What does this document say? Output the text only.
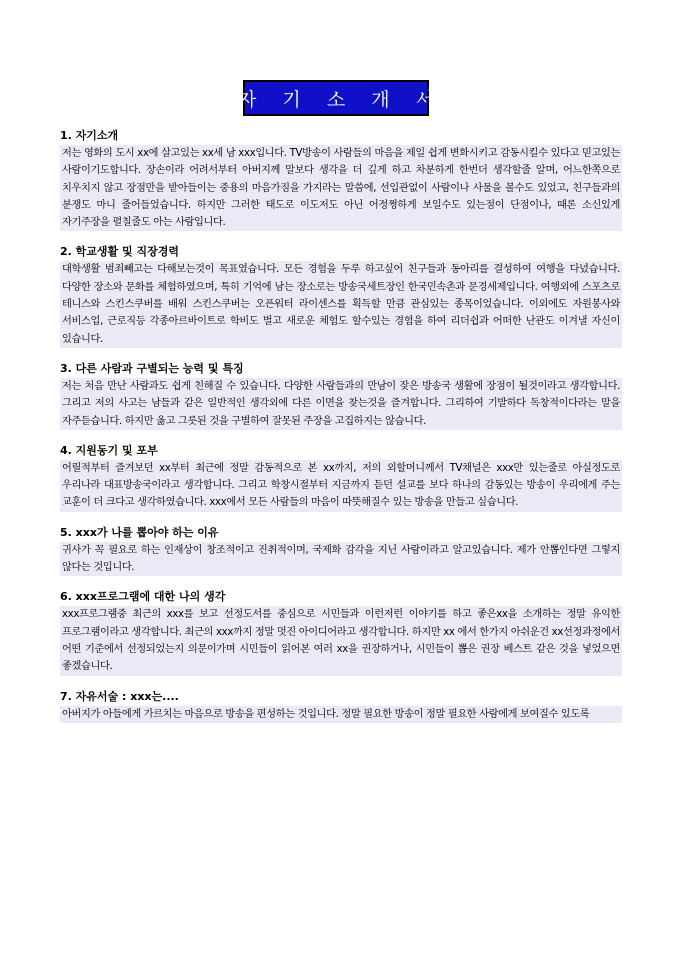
자 기 소 개 서
1. 자기소개

저는 영화의 도시 xx에 살고있는 xx세 남 xxx입니다. TV방송이 사람들의 마음을 제일 쉽게 변화시키고 감동시킬수 있다고 믿고있는 사람이기도합니다. 장손이라 어려서부터 아버지께 말보다 생각을 더 깊게 하고 차분하게 한번더 생각할줄 알며, 어느한쪽으로 치우치지 않고 장점만을 받아들이는 중용의 마음가짐을 가지라는 말씀에, 선입관없이 사람이나 사물을 볼수도 있었고, 친구들과의 분쟁도 마니 줄어들었습니다. 하지만 그러한 태도로 이도저도 아닌 어정쩡하게 보일수도 있는점이 단점이나, 때론 소신있게 자기주장을 펼칠줄도 아는 사람입니다.

2. 학교생활 및 직장경력

대학생활 범죄빼고는 다해보는것이 목표였습니다. 모든 경험을 두루 하고싶어 친구들과 동아리를 결성하여 여행을 다녔습니다. 다양한 장소와 문화를 체험하였으며, 특히 기억에 남는 장소로는 방송국세트장인 한국민속촌과 문경세제입니다. 여행외에 스포츠로 테니스와 스킨스쿠버를 배워 스킨스쿠버는 오픈워터 라이센스를 획득할 만큼 관심있는 종목이었습니다. 이외에도 자원봉사와 서비스업, 근로직등 각종아르바이트로 학비도 벌고 새로운 체험도 할수있는 경험을 하여 리더쉽과 어떠한 난관도 이겨낼 자신이 있습니다.

3. 다른 사람과 구별되는 능력 및 특징

저는 처음 만난 사람과도 쉽게 친해질 수 있습니다. 다양한 사람들과의 만남이 잦은 방송국 생활에 장점이 될것이라고 생각합니다. 그리고 저의 사고는 남들과 같은 일반적인 생각외에 다른 이면을 찾는것을 즐겨합니다. 그리하여 기발하다 독창적이다라는 말을 자주듣습니다. 하지만 옳고 그릇된 것을 구별하여 잘못된 주장을 고집하지는 않습니다.

4. 지원동기 및 포부

어릴적부터 즐겨보던 xx부터 최근에 정말 감동적으로 본 xx까지, 저의 외할머니께서 TV채널은 xxx만 있는줄로 아실정도로 우리나라 대표방송국이라고 생각합니다. 그리고 학창시절부터 지금까지 듣던 설교를 보다 하나의 감동있는 방송이 우리에게 주는 교훈이 더 크다고 생각하였습니다. xxx에서 모든 사람들의 마음이 따뜻해질수 있는 방송을 만들고 싶습니다.

5. xxx가 나를 뽑아야 하는 이유

귀사가 꼭 필요로 하는 인재상이 창조적이고 진취적이며, 국제화 감각을 지닌 사람이라고 알고있습니다. 제가 안뽑인다면 그렇지 않다는 것입니다.

6. xxx프로그램에 대한 나의 생각

xxx프로그램중 최근의 xxx를 보고 선정도서를 중심으로 시민들과 이런저런 이야기를 하고 좋은xx을 소개하는 정말 유익한 프로그램이라고 생각합니다. 최근의 xxx까지 정말 멋진 아이디어라고 생각합니다. 하지만 xx 에서 한가지 아쉬운건 xx선정과정에서 어떤 기준에서 선정되었는지 의문이가며 시민들이 읽어본 여러 xx을 권장하거나, 시민들이 뽑은 권장 베스트 같은 것을 넣었으면 좋겠습니다.

7. 자유서술 : xxx는....

아버지가 아들에게 가르치는 마음으로 방송을 편성하는 것입니다. 정말 필요한 방송이 정말 필요한 사람에게 보여질수 있도록
